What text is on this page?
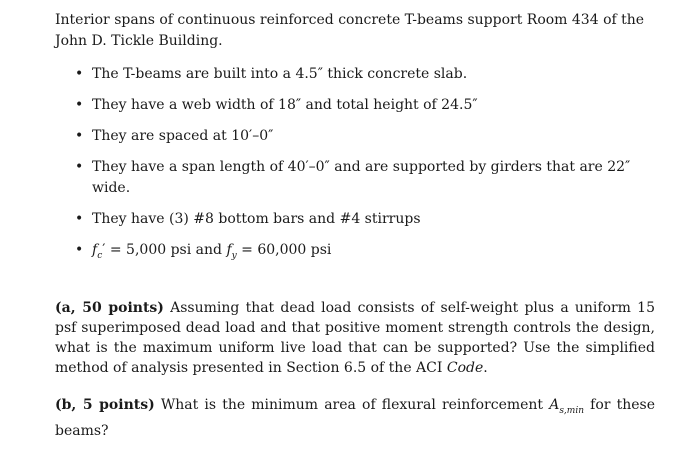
Interior spans of continuous reinforced concrete T-beams support Room 434 of the John D. Tickle Building.

• The T-beams are built into a 4.5″ thick concrete slab.
• They have a web width of 18″ and total height of 24.5″
• They are spaced at 10′–0″
• They have a span length of 40′–0″ and are supported by girders that are 22″ wide.
• They have (3) #8 bottom bars and #4 stirrups
• $f_c' = 5,000$ psi and $f_y = 60,000$ psi

(a, 50 points) Assuming that dead load consists of self-weight plus a uniform 15 psf superimposed dead load and that positive moment strength controls the design, what is the maximum uniform live load that can be supported? Use the simplified method of analysis presented in Section 6.5 of the ACI Code.

(b, 5 points) What is the minimum area of flexural reinforcement $A_{s,min}$ for these beams?
